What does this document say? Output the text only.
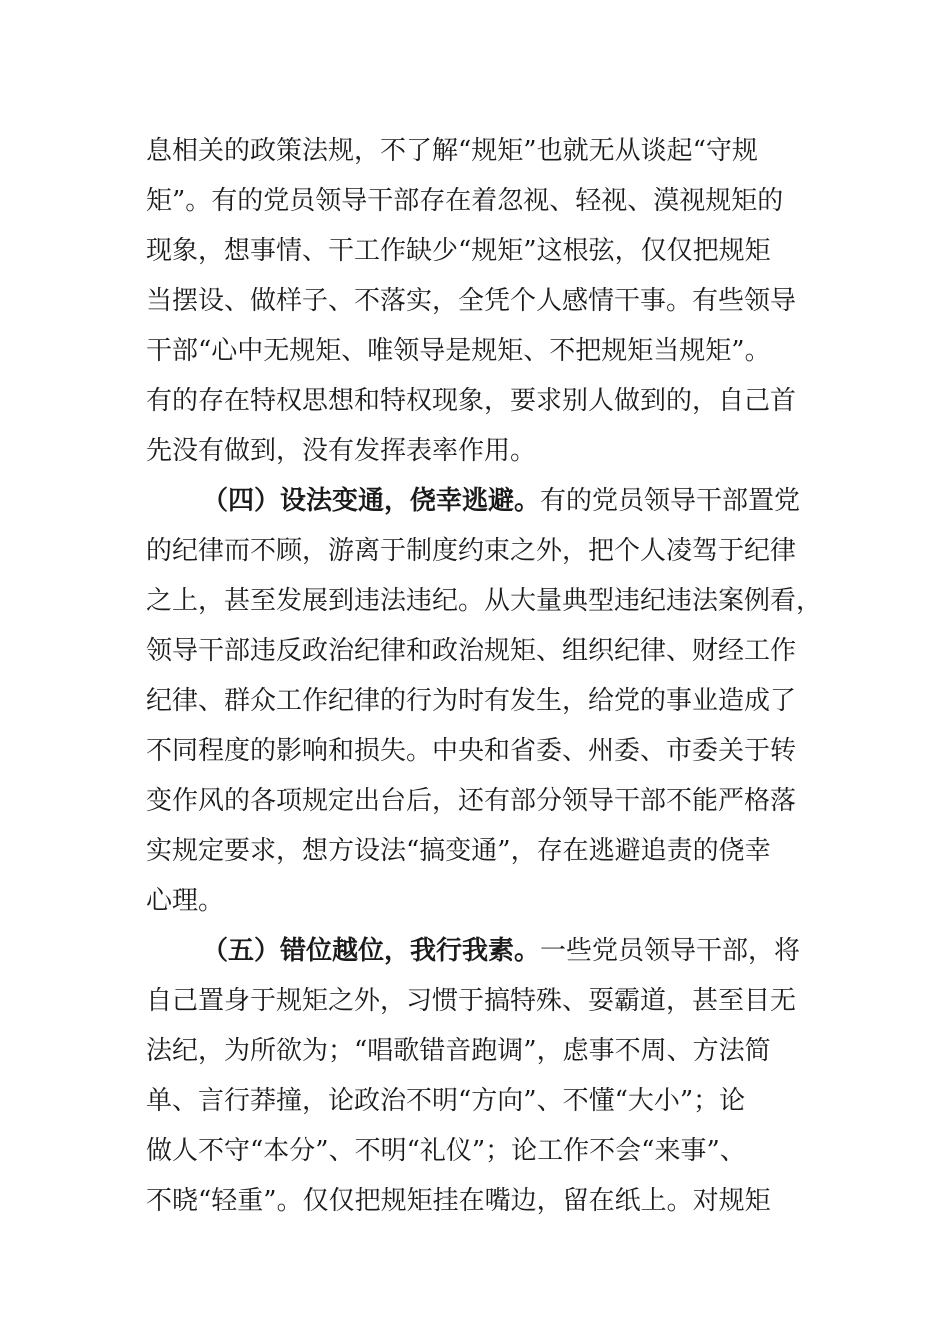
息相关的政策法规，不了解“规矩”也就无从谈起“守规
矩”。有的党员领导干部存在着忽视、轻视、漠视规矩的
现象，想事情、干工作缺少“规矩”这根弦，仅仅把规矩
当摆设、做样子、不落实，全凭个人感情干事。有些领导
干部“心中无规矩、唯领导是规矩、不把规矩当规矩”。
有的存在特权思想和特权现象，要求别人做到的，自己首
先没有做到，没有发挥表率作用。
（四）设法变通，侥幸逃避。有的党员领导干部置党
的纪律而不顾，游离于制度约束之外，把个人凌驾于纪律
之上，甚至发展到违法违纪。从大量典型违纪违法案例看，
领导干部违反政治纪律和政治规矩、组织纪律、财经工作
纪律、群众工作纪律的行为时有发生，给党的事业造成了
不同程度的影响和损失。中央和省委、州委、市委关于转
变作风的各项规定出台后，还有部分领导干部不能严格落
实规定要求，想方设法“搞变通”，存在逃避追责的侥幸
心理。
（五）错位越位，我行我素。一些党员领导干部，将
自己置身于规矩之外，习惯于搞特殊、耍霸道，甚至目无
法纪，为所欲为；“唱歌错音跑调”，虑事不周、方法简
单、言行莽撞，论政治不明“方向”、不懂“大小”；论
做人不守“本分”、不明“礼仪”；论工作不会“来事”、
不晓“轻重”。仅仅把规矩挂在嘴边，留在纸上。对规矩
